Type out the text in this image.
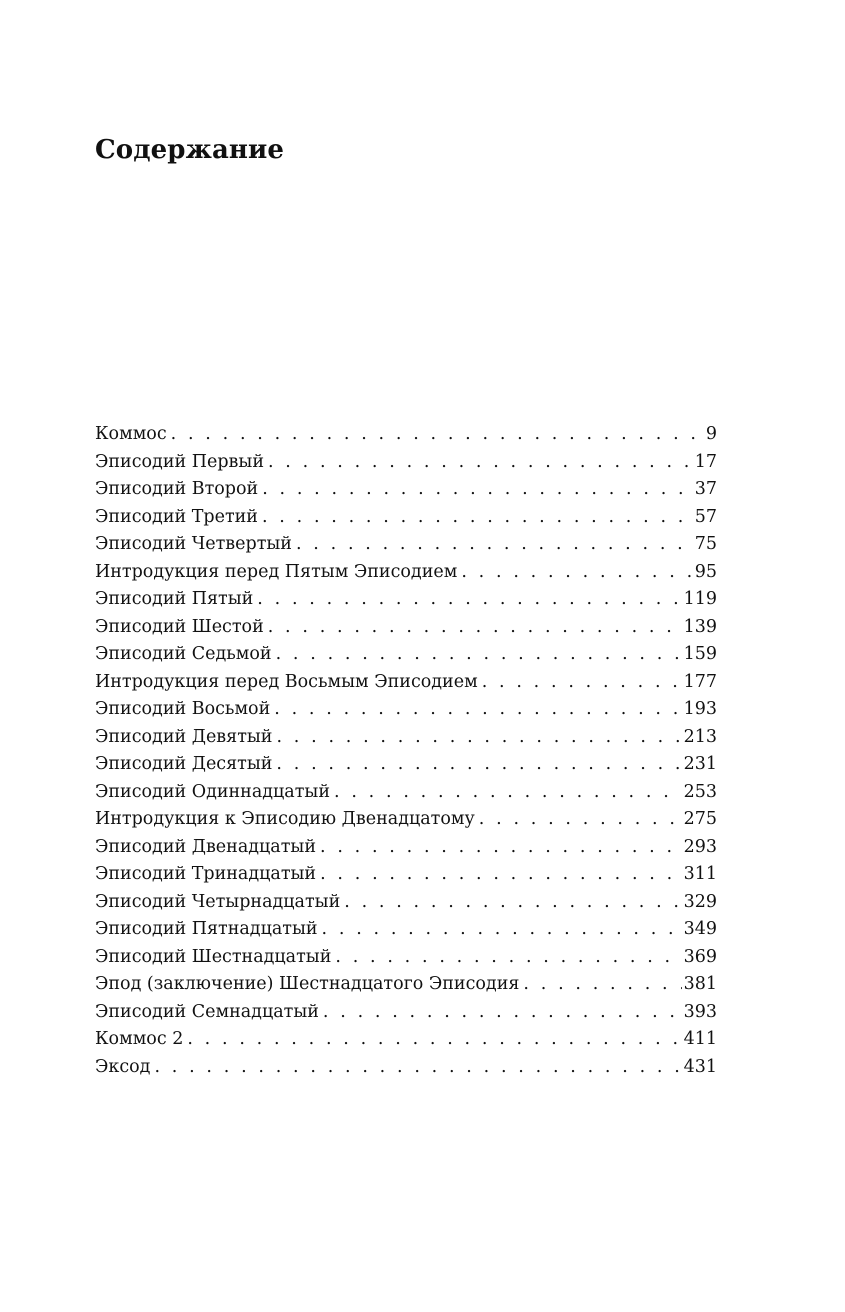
Содержание
Коммос . . .	9
Эписодий Первый . . .	17
Эписодий Второй . . .	37
Эписодий Третий . . .	57
Эписодий Четвертый . . .	75
Интродукция перед Пятым Эписодием . . .	95
Эписодий Пятый . . .	119
Эписодий Шестой . . .	139
Эписодий Седьмой . . .	159
Интродукция перед Восьмым Эписодием . . .	177
Эписодий Восьмой . . .	193
Эписодий Девятый . . .	213
Эписодий Десятый . . .	231
Эписодий Одиннадцатый . . .	253
Интродукция к Эписодию Двенадцатому . . .	275
Эписодий Двенадцатый . . .	293
Эписодий Тринадцатый . . .	311
Эписодий Четырнадцатый . . .	329
Эписодий Пятнадцатый . . .	349
Эписодий Шестнадцатый . . .	369
Эпод (заключение) Шестнадцатого Эписодия . . .	381
Эписодий Семнадцатый . . .	393
Коммос 2 . . .	411
Эксод . . .	431
